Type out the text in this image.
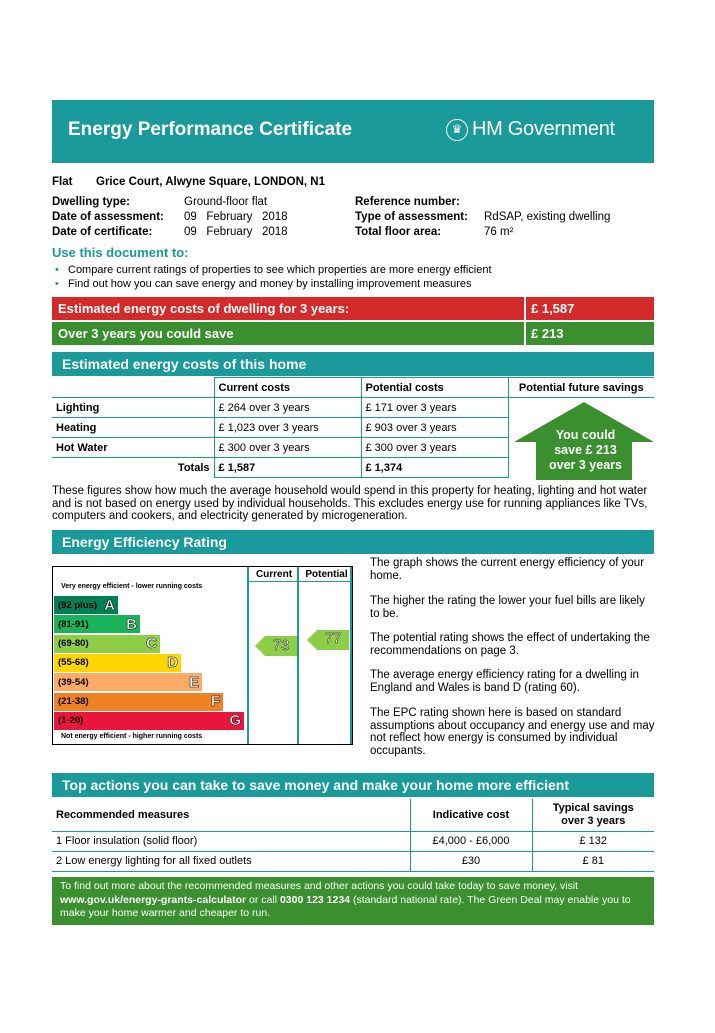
Energy Performance Certificate	♛ HM Government
Flat Grice Court, Alwyne Square, LONDON, N1
Dwelling type:	Ground-floor flat
Date of assessment: 09   February   2018
Date of certificate:	09   February   2018
Reference number:
Type of assessment: RdSAP, existing dwelling
Total floor area:	76 m²
Use this document to:
• Compare current ratings of properties to see which properties are more energy efficient
• Find out how you can save energy and money by installing improvement measures
Estimated energy costs of dwelling for 3 years:	£ 1,587
Over 3 years you could save	£ 213
Estimated energy costs of this home
	Current costs	Potential costs	Potential future savings
Lighting	£ 264 over 3 years	£ 171 over 3 years	You could
save £ 213
over 3 years

Heating	£ 1,023 over 3 years	£ 903 over 3 years	
Hot Water	£ 300 over 3 years	£ 300 over 3 years	
Totals	£ 1,587	£ 1,374	
These figures show how much the average household would spend in this property for heating, lighting and hot water and is not based on energy used by individual households. This excludes energy use for running appliances like TVs, computers and cookers, and electricity generated by microgeneration.
Energy Efficiency Rating
Current	Potential
Very energy efficient - lower running costs
(92 plus) A
(81-91)	B
(69-80)	C
(55-68)	D
(39-54)	E
(21-38)	F
(1-20)	G
Not energy efficient - higher running costs
73	77
The graph shows the current energy efficiency of your home.
The higher the rating the lower your fuel bills are likely to be.
The potential rating shows the effect of undertaking the recommendations on page 3.
The average energy efficiency rating for a dwelling in England and Wales is band D (rating 60).
The EPC rating shown here is based on standard assumptions about occupancy and energy use and may not reflect how energy is consumed by individual occupants.
Top actions you can take to save money and make your home more efficient
Recommended measures	Indicative cost	Typical savings
over 3 years

1 Floor insulation (solid floor)	£4,000 - £6,000	£ 132
2 Low energy lighting for all fixed outlets	£30	£ 81
To find out more about the recommended measures and other actions you could take today to save money, visit www.gov.uk/energy-grants-calculator or call 0300 123 1234 (standard national rate). The Green Deal may enable you to make your home warmer and cheaper to run.
